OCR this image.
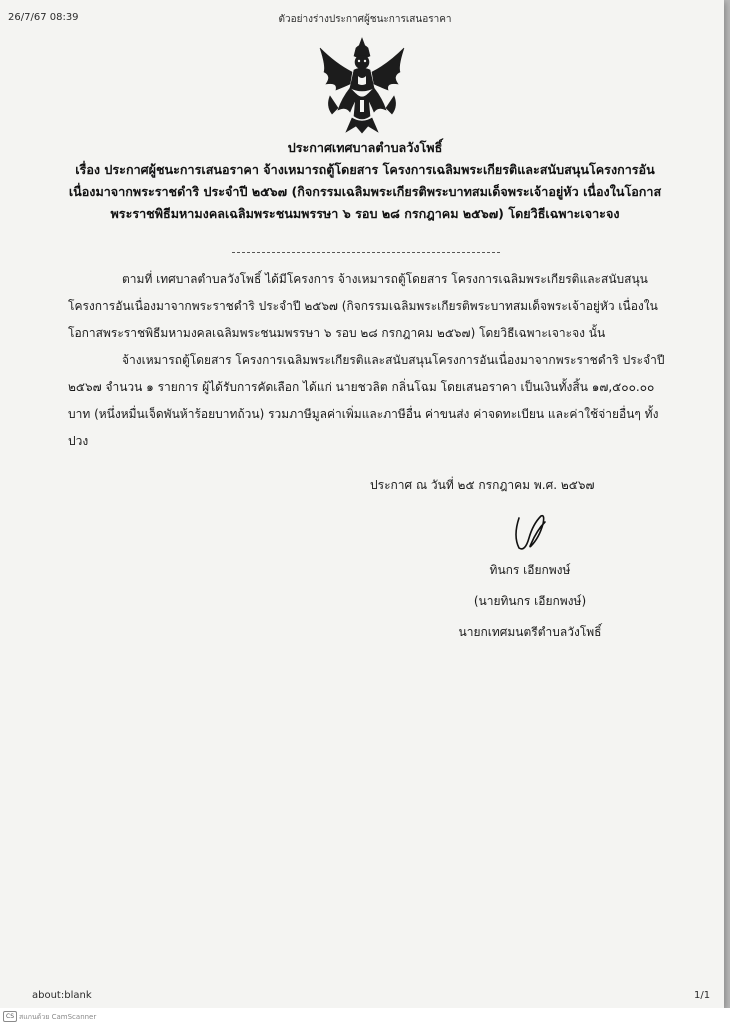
26/7/67 08:39	ตัวอย่างร่างประกาศผู้ชนะการเสนอราคา
ประกาศเทศบาลตำบลวังโพธิ์
เรื่อง ประกาศผู้ชนะการเสนอราคา จ้างเหมารถตู้โดยสาร โครงการเฉลิมพระเกียรติและสนับสนุนโครงการอัน
เนื่องมาจากพระราชดำริ ประจำปี ๒๕๖๗ (กิจกรรมเฉลิมพระเกียรติพระบาทสมเด็จพระเจ้าอยู่หัว เนื่องในโอกาส
พระราชพิธีมหามงคลเฉลิมพระชนมพรรษา ๖ รอบ ๒๘ กรกฎาคม ๒๕๖๗) โดยวิธีเฉพาะเจาะจง

ตามที่ เทศบาลตำบลวังโพธิ์ ได้มีโครงการ จ้างเหมารถตู้โดยสาร โครงการเฉลิมพระเกียรติและสนับสนุนโครงการอันเนื่องมาจากพระราชดำริ ประจำปี ๒๕๖๗ (กิจกรรมเฉลิมพระเกียรติพระบาทสมเด็จพระเจ้าอยู่หัว เนื่องในโอกาสพระราชพิธีมหามงคลเฉลิมพระชนมพรรษา ๖ รอบ ๒๘ กรกฎาคม ๒๕๖๗) โดยวิธีเฉพาะเจาะจง นั้น

จ้างเหมารถตู้โดยสาร โครงการเฉลิมพระเกียรติและสนับสนุนโครงการอันเนื่องมาจากพระราชดำริ ประจำปี ๒๕๖๗ จำนวน ๑ รายการ ผู้ได้รับการคัดเลือก ได้แก่ นายชวลิต กลิ่นโฉม โดยเสนอราคา เป็นเงินทั้งสิ้น ๑๗,๕๐๐.๐๐ บาท (หนึ่งหมื่นเจ็ดพันห้าร้อยบาทถ้วน) รวมภาษีมูลค่าเพิ่มและภาษีอื่น ค่าขนส่ง ค่าจดทะเบียน และค่าใช้จ่ายอื่นๆ ทั้งปวง

ประกาศ ณ วันที่ ๒๕ กรกฎาคม พ.ศ. ๒๕๖๗
ทินกร เอียกพงษ์
(นายทินกร เอียกพงษ์)
นายกเทศมนตรีตำบลวังโพธิ์
about:blank	1/1
CS สแกนด้วย CamScanner
